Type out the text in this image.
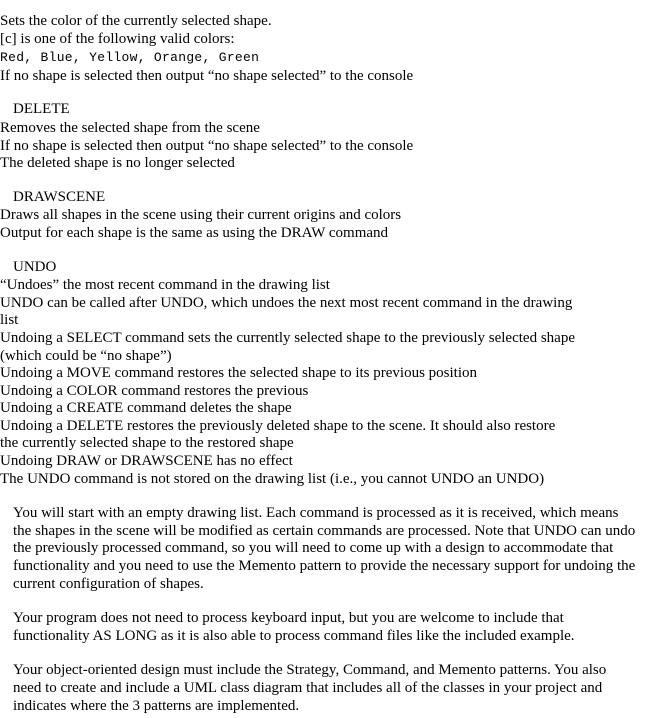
Sets the color of the currently selected shape.
[c] is one of the following valid colors:
Red, Blue, Yellow, Orange, Green
If no shape is selected then output “no shape selected” to the console
DELETE
Removes the selected shape from the scene
If no shape is selected then output “no shape selected” to the console
The deleted shape is no longer selected
DRAWSCENE
Draws all shapes in the scene using their current origins and colors
Output for each shape is the same as using the DRAW command
UNDO
“Undoes” the most recent command in the drawing list
UNDO can be called after UNDO, which undoes the next most recent command in the drawing list
Undoing a SELECT command sets the currently selected shape to the previously selected shape (which could be “no shape”)
Undoing a MOVE command restores the selected shape to its previous position
Undoing a COLOR command restores the previous
Undoing a CREATE command deletes the shape
Undoing a DELETE restores the previously deleted shape to the scene. It should also restore the currently selected shape to the restored shape
Undoing DRAW or DRAWSCENE has no effect
The UNDO command is not stored on the drawing list (i.e., you cannot UNDO an UNDO)

You will start with an empty drawing list. Each command is processed as it is received, which means the shapes in the scene will be modified as certain commands are processed. Note that UNDO can undo the previously processed command, so you will need to come up with a design to accommodate that functionality and you need to use the Memento pattern to provide the necessary support for undoing the current configuration of shapes.

Your program does not need to process keyboard input, but you are welcome to include that functionality AS LONG as it is also able to process command files like the included example.

Your object-oriented design must include the Strategy, Command, and Memento patterns. You also need to create and include a UML class diagram that includes all of the classes in your project and indicates where the 3 patterns are implemented.
